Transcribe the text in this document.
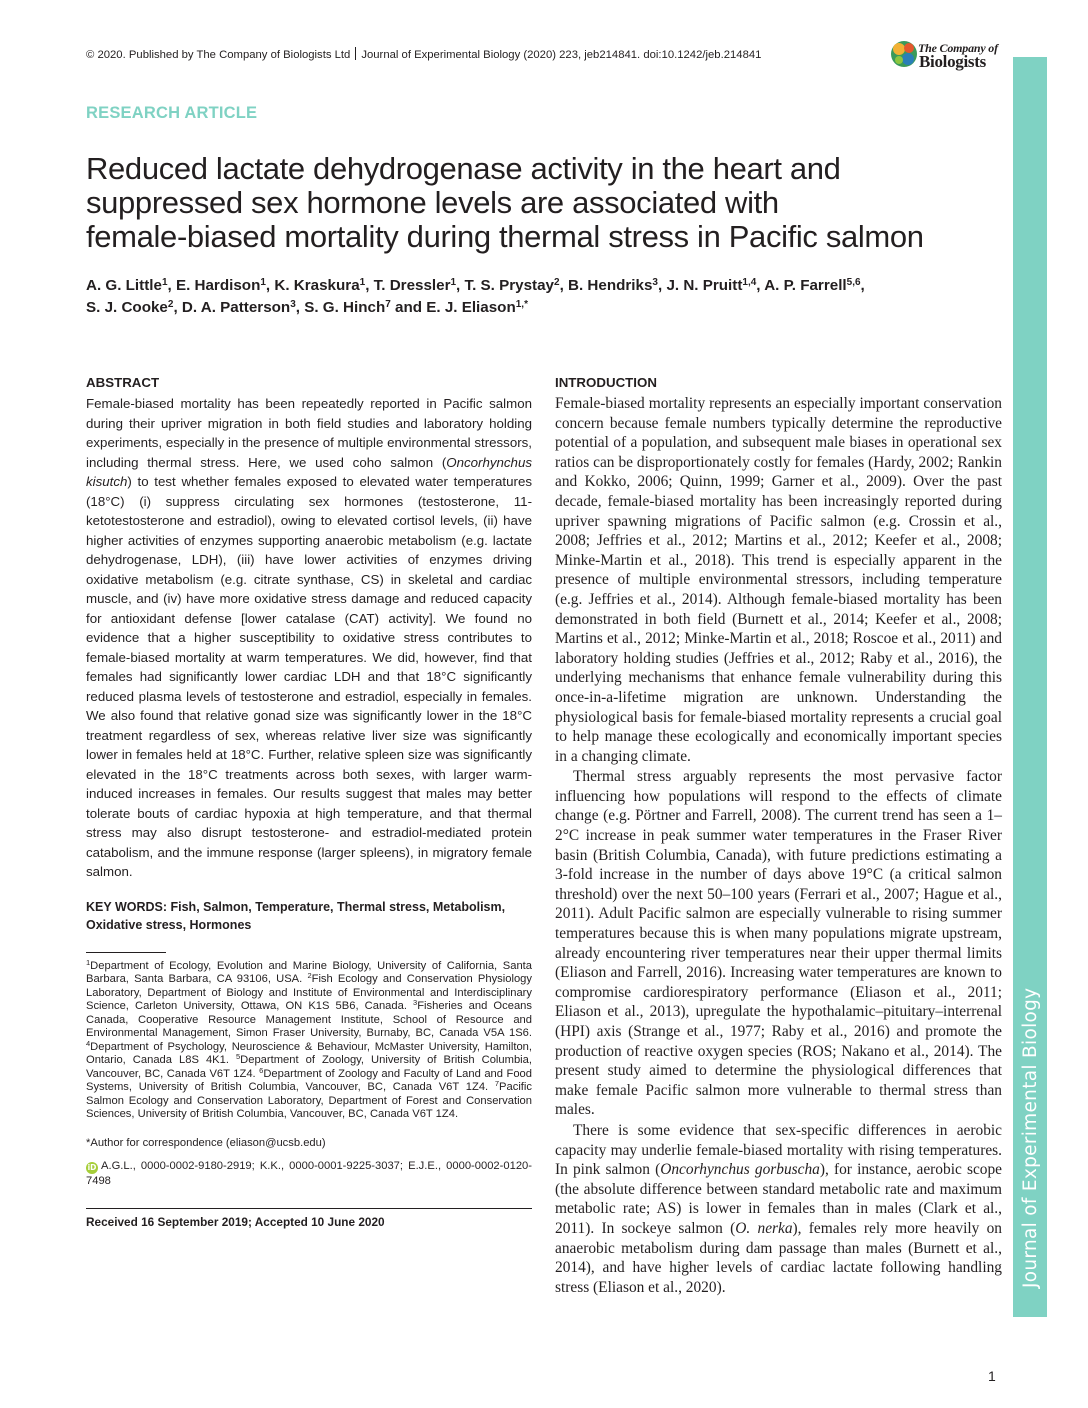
© 2020. Published by The Company of Biologists Ltd Journal of Experimental Biology (2020) 223, jeb214841. doi:10.1242/jeb.214841	The Company of
Biologists
Journal of Experimental Biology
RESEARCH ARTICLE
Reduced lactate dehydrogenase activity in the heart and
suppressed sex hormone levels are associated with
female-biased mortality during thermal stress in Pacific salmon
A. G. Little$^1$, E. Hardison$^1$, K. Kraskura$^1$, T. Dressler$^1$, T. S. Prystay$^2$, B. Hendriks$^3$, J. N. Pruitt$^{1,4}$, A. P. Farrell$^{5,6}$,
S. J. Cooke$^2$, D. A. Patterson$^3$, S. G. Hinch$^7$ and E. J. Eliason$^{1,*}$
ABSTRACT
Female-biased mortality has been repeatedly reported in Pacific salmon during their upriver migration in both field studies and laboratory holding experiments, especially in the presence of multiple environmental stressors, including thermal stress. Here, we used coho salmon (Oncorhynchus kisutch) to test whether females exposed to elevated water temperatures (18°C) (i) suppress circulating sex hormones (testosterone, 11-ketotestosterone and estradiol), owing to elevated cortisol levels, (ii) have higher activities of enzymes supporting anaerobic metabolism (e.g. lactate dehydrogenase, LDH), (iii) have lower activities of enzymes driving oxidative metabolism (e.g. citrate synthase, CS) in skeletal and cardiac muscle, and (iv) have more oxidative stress damage and reduced capacity for antioxidant defense [lower catalase (CAT) activity]. We found no evidence that a higher susceptibility to oxidative stress contributes to female-biased mortality at warm temperatures. We did, however, find that females had significantly lower cardiac LDH and that 18°C significantly reduced plasma levels of testosterone and estradiol, especially in females. We also found that relative gonad size was significantly lower in the 18°C treatment regardless of sex, whereas relative liver size was significantly lower in females held at 18°C. Further, relative spleen size was significantly elevated in the 18°C treatments across both sexes, with larger warm-induced increases in females. Our results suggest that males may better tolerate bouts of cardiac hypoxia at high temperature, and that thermal stress may also disrupt testosterone- and estradiol-mediated protein catabolism, and the immune response (larger spleens), in migratory female salmon.
KEY WORDS: Fish, Salmon, Temperature, Thermal stress, Metabolism, Oxidative stress, Hormones
$^1$Department of Ecology, Evolution and Marine Biology, University of California, Santa Barbara, Santa Barbara, CA 93106, USA. $^2$Fish Ecology and Conservation Physiology Laboratory, Department of Biology and Institute of Environmental and Interdisciplinary Science, Carleton University, Ottawa, ON K1S 5B6, Canada. $^3$Fisheries and Oceans Canada, Cooperative Resource Management Institute, School of Resource and Environmental Management, Simon Fraser University, Burnaby, BC, Canada V5A 1S6. $^4$Department of Psychology, Neuroscience & Behaviour, McMaster University, Hamilton, Ontario, Canada L8S 4K1. $^5$Department of Zoology, University of British Columbia, Vancouver, BC, Canada V6T 1Z4. $^6$Department of Zoology and Faculty of Land and Food Systems, University of British Columbia, Vancouver, BC, Canada V6T 1Z4. $^7$Pacific Salmon Ecology and Conservation Laboratory, Department of Forest and Conservation Sciences, University of British Columbia, Vancouver, BC, Canada V6T 1Z4.
*Author for correspondence (eliason@ucsb.edu)
iD A.G.L., 0000-0002-9180-2919; K.K., 0000-0001-9225-3037; E.J.E., 0000-0002-0120-7498
Received 16 September 2019; Accepted 10 June 2020
INTRODUCTION

Female-biased mortality represents an especially important conservation concern because female numbers typically determine the reproductive potential of a population, and subsequent male biases in operational sex ratios can be disproportionately costly for females (Hardy, 2002; Rankin and Kokko, 2006; Quinn, 1999; Garner et al., 2009). Over the past decade, female-biased mortality has been increasingly reported during upriver spawning migrations of Pacific salmon (e.g. Crossin et al., 2008; Jeffries et al., 2012; Martins et al., 2012; Keefer et al., 2008; Minke-Martin et al., 2018). This trend is especially apparent in the presence of multiple environmental stressors, including temperature (e.g. Jeffries et al., 2014). Although female-biased mortality has been demonstrated in both field (Burnett et al., 2014; Keefer et al., 2008; Martins et al., 2012; Minke-Martin et al., 2018; Roscoe et al., 2011) and laboratory holding studies (Jeffries et al., 2012; Raby et al., 2016), the underlying mechanisms that enhance female vulnerability during this once-in-a-lifetime migration are unknown. Understanding the physiological basis for female-biased mortality represents a crucial goal to help manage these ecologically and economically important species in a changing climate.

Thermal stress arguably represents the most pervasive factor influencing how populations will respond to the effects of climate change (e.g. Pörtner and Farrell, 2008). The current trend has seen a 1–2°C increase in peak summer water temperatures in the Fraser River basin (British Columbia, Canada), with future predictions estimating a 3-fold increase in the number of days above 19°C (a critical salmon threshold) over the next 50–100 years (Ferrari et al., 2007; Hague et al., 2011). Adult Pacific salmon are especially vulnerable to rising summer temperatures because this is when many populations migrate upstream, already encountering river temperatures near their upper thermal limits (Eliason and Farrell, 2016). Increasing water temperatures are known to compromise cardiorespiratory performance (Eliason et al., 2011; Eliason et al., 2013), upregulate the hypothalamic–pituitary–interrenal (HPI) axis (Strange et al., 1977; Raby et al., 2016) and promote the production of reactive oxygen species (ROS; Nakano et al., 2014). The present study aimed to determine the physiological differences that make female Pacific salmon more vulnerable to thermal stress than males.

There is some evidence that sex-specific differences in aerobic capacity may underlie female-biased mortality with rising temperatures. In pink salmon (Oncorhynchus gorbuscha), for instance, aerobic scope (the absolute difference between standard metabolic rate and maximum metabolic rate; AS) is lower in females than in males (Clark et al., 2011). In sockeye salmon (O. nerka), females rely more heavily on anaerobic metabolism during dam passage than males (Burnett et al., 2014), and have higher levels of cardiac lactate following handling stress (Eliason et al., 2020).

1
